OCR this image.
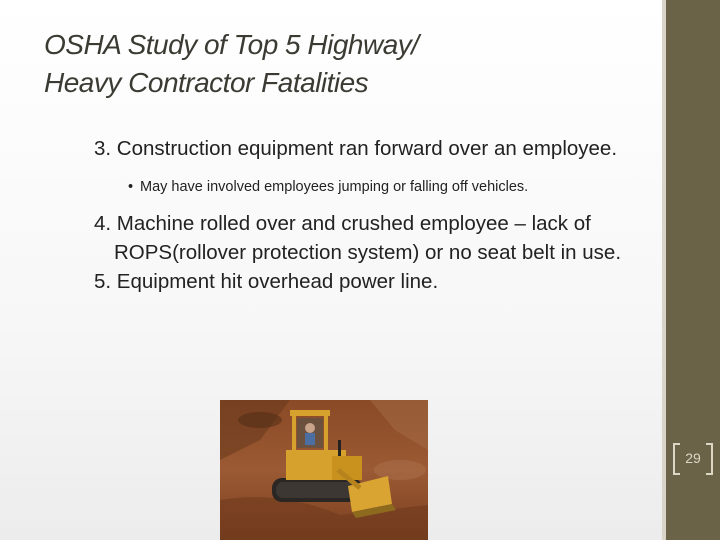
OSHA Study of Top 5 Highway/
Heavy Contractor Fatalities

3. Construction equipment ran forward over an employee.

• May have involved employees jumping or falling off vehicles.

4. Machine rolled over and crushed employee – lack of ROPS(rollover protection system) or no seat belt in use.

5. Equipment hit overhead power line.

29
